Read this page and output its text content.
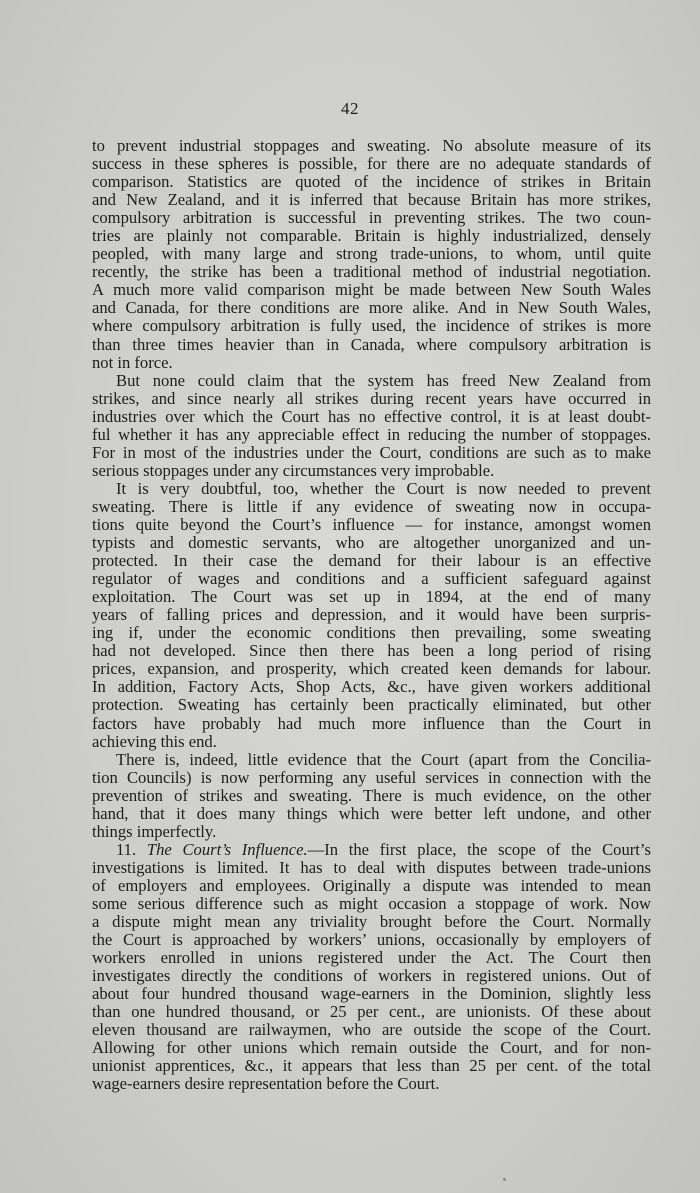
42

to prevent industrial stoppages and sweating. No absolute measure of its
success in these spheres is possible, for there are no adequate standards of
comparison. Statistics are quoted of the incidence of strikes in Britain
and New Zealand, and it is inferred that because Britain has more strikes,
compulsory arbitration is successful in preventing strikes. The two coun-
tries are plainly not comparable. Britain is highly industrialized, densely
peopled, with many large and strong trade-unions, to whom, until quite
recently, the strike has been a traditional method of industrial negotiation.
A much more valid comparison might be made between New South Wales
and Canada, for there conditions are more alike. And in New South Wales,
where compulsory arbitration is fully used, the incidence of strikes is more
than three times heavier than in Canada, where compulsory arbitration is
not in force.

But none could claim that the system has freed New Zealand from
strikes, and since nearly all strikes during recent years have occurred in
industries over which the Court has no effective control, it is at least doubt-
ful whether it has any appreciable effect in reducing the number of stoppages.
For in most of the industries under the Court, conditions are such as to make
serious stoppages under any circumstances very improbable.

It is very doubtful, too, whether the Court is now needed to prevent
sweating. There is little if any evidence of sweating now in occupa-
tions quite beyond the Court’s influence — for instance, amongst women
typists and domestic servants, who are altogether unorganized and un-
protected. In their case the demand for their labour is an effective
regulator of wages and conditions and a sufficient safeguard against
exploitation. The Court was set up in 1894, at the end of many
years of falling prices and depression, and it would have been surpris-
ing if, under the economic conditions then prevailing, some sweating
had not developed. Since then there has been a long period of rising
prices, expansion, and prosperity, which created keen demands for labour.
In addition, Factory Acts, Shop Acts, &c., have given workers additional
protection. Sweating has certainly been practically eliminated, but other
factors have probably had much more influence than the Court in
achieving this end.

There is, indeed, little evidence that the Court (apart from the Concilia-
tion Councils) is now performing any useful services in connection with the
prevention of strikes and sweating. There is much evidence, on the other
hand, that it does many things which were better left undone, and other
things imperfectly.

11. The Court’s Influence.—In the first place, the scope of the Court’s
investigations is limited. It has to deal with disputes between trade-unions
of employers and employees. Originally a dispute was intended to mean
some serious difference such as might occasion a stoppage of work. Now
a dispute might mean any triviality brought before the Court. Normally
the Court is approached by workers’ unions, occasionally by employers of
workers enrolled in unions registered under the Act. The Court then
investigates directly the conditions of workers in registered unions. Out of
about four hundred thousand wage-earners in the Dominion, slightly less
than one hundred thousand, or 25 per cent., are unionists. Of these about
eleven thousand are railwaymen, who are outside the scope of the Court.
Allowing for other unions which remain outside the Court, and for non-
unionist apprentices, &c., it appears that less than 25 per cent. of the total
wage-earners desire representation before the Court.
